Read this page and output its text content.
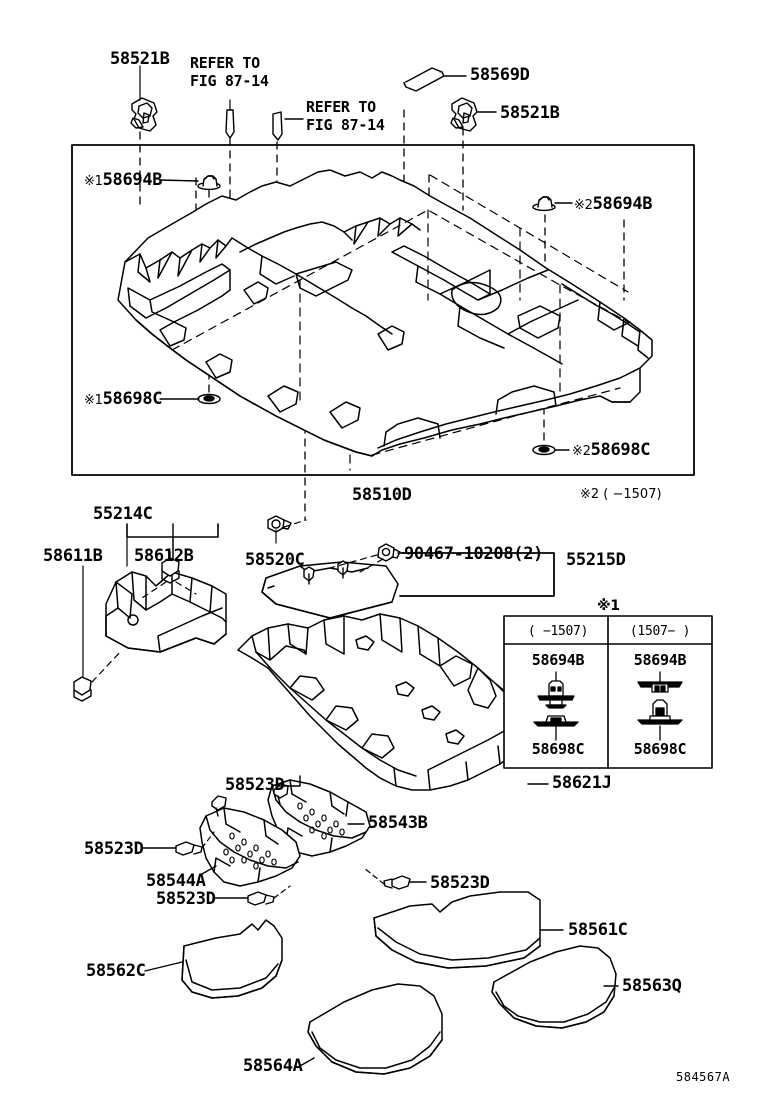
58521B REFER TO
FIG 87-14
REFER TO
FIG 87-14
58569D
58521B
※158694B
※258694B
※158698C
※258698C
58510D	※2 ( −1507)
58520C	90467-10208(2) 55215D
55214C
58611B 58612B
※1
( −1507)	(1507− )
58694B	58694B
58698C	58698C
58523D	58621J
58543B
58523D
58544A	58523D
58523D
58561C
58562C
58563Q
58564A
584567A
